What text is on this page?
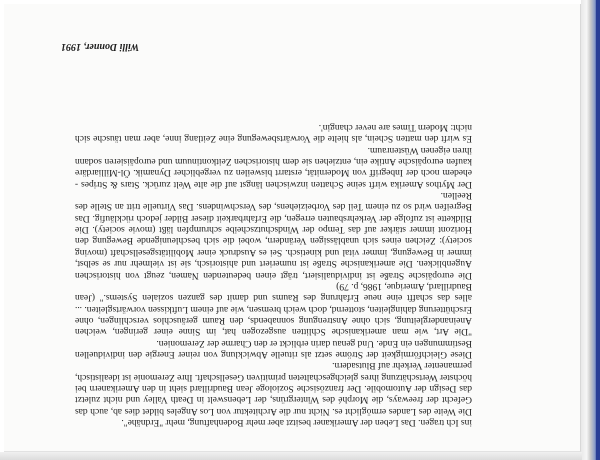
ins Ich tragen. Das Leben der Amerikaner besitzt aber mehr Bodenhaftung, mehr "Erdnähe".

Die Weite des Landes ermöglicht es. Nicht nur die Architektur von Los Angeles bildet dies ab, auch das Gefecht der freeways, die Morphé des Wintergrüns, der Lebenswelt in Death Valley und nicht zuletzt das Design der Automobile. Der französische Soziologe Jean Baudrillard sieht in den Amerikanern bei höchster Wertschätzung ihres gleichgeschalteten primitiven Gesellschaft. Ihre Zeremonie ist idealistisch, permanenter Verkehr auf Blutsadern.

Diese Gleichförmigkeit der Ströme setzt als rituelle Abwicklung von reiner Energie den individuellen Bestimmungen ein Ende. Und genau darin erblickt er den Charme der Zeremonien.

"Die Art, wie man amerikanische Schlitten ausgezogen hat, im Sinne einer geringen, weichen Aneinandergleitung, sich ohne Anstrengung sonnabends, den Raum geräuschlos verschlingen, ohne Erschütterung dahingleiten, stotternd, doch weich bremsen, wie auf einem Luftkissen vorwärtsgleiten. ... alles das schafft eine neue Erfahrung des Raums und damit des ganzen sozialen Systems." (Jean Baudrillard, Amerique, 1986, p. 79)

Die europäische Straße ist individualisiert, trägt einen bedeutenden Namen, zeugt von historischen Augenblicken. Die amerikanische Straße ist numeriert und ahistorisch, sie ist vielmehr nur se selbst, immer in Bewegung, immer vital und kinetisch. Sei es Ausdruck einer Mobilitätsgesellschaft (moving society): Zeichen eines sich unablässigen Verändern, wobei die sich beschleunigende Bewegung den Horizont immer stärker auf das Tempo der Windschutzscheibe schrumpfen läßt (movie society). Die Bildkette ist zufolge der Verkehrsbauten erregen, die Erfahrbarkeit dieser Bilder jedoch rückläufig. Das Begreifen wird so zu einem Teil des Vorbeiziehens, des Verschwindens. Das Virtuelle tritt an Stelle des Reellen.

Der Mythos Amerika wirft seine Schatten inzwischen längst auf die alte Welt zurück. Stars & Stripes - ehedem noch der Inbegriff von Modernität, erstarrt bisweilen zu vergeblicher Dynamik. Öl-Milliardäre kaufen europäische Antike ein, entziehen sie dem historischen Zeitkontinuum und europäisieren sodann ihren eigenen Wüstenraum.

Es wirft den matten Schein, als hielte die Vorwärtsbewegung eine Zeitlang inne, aber man täusche sich nicht: Modern Times are never changin'.

Willi Donner, 1991
